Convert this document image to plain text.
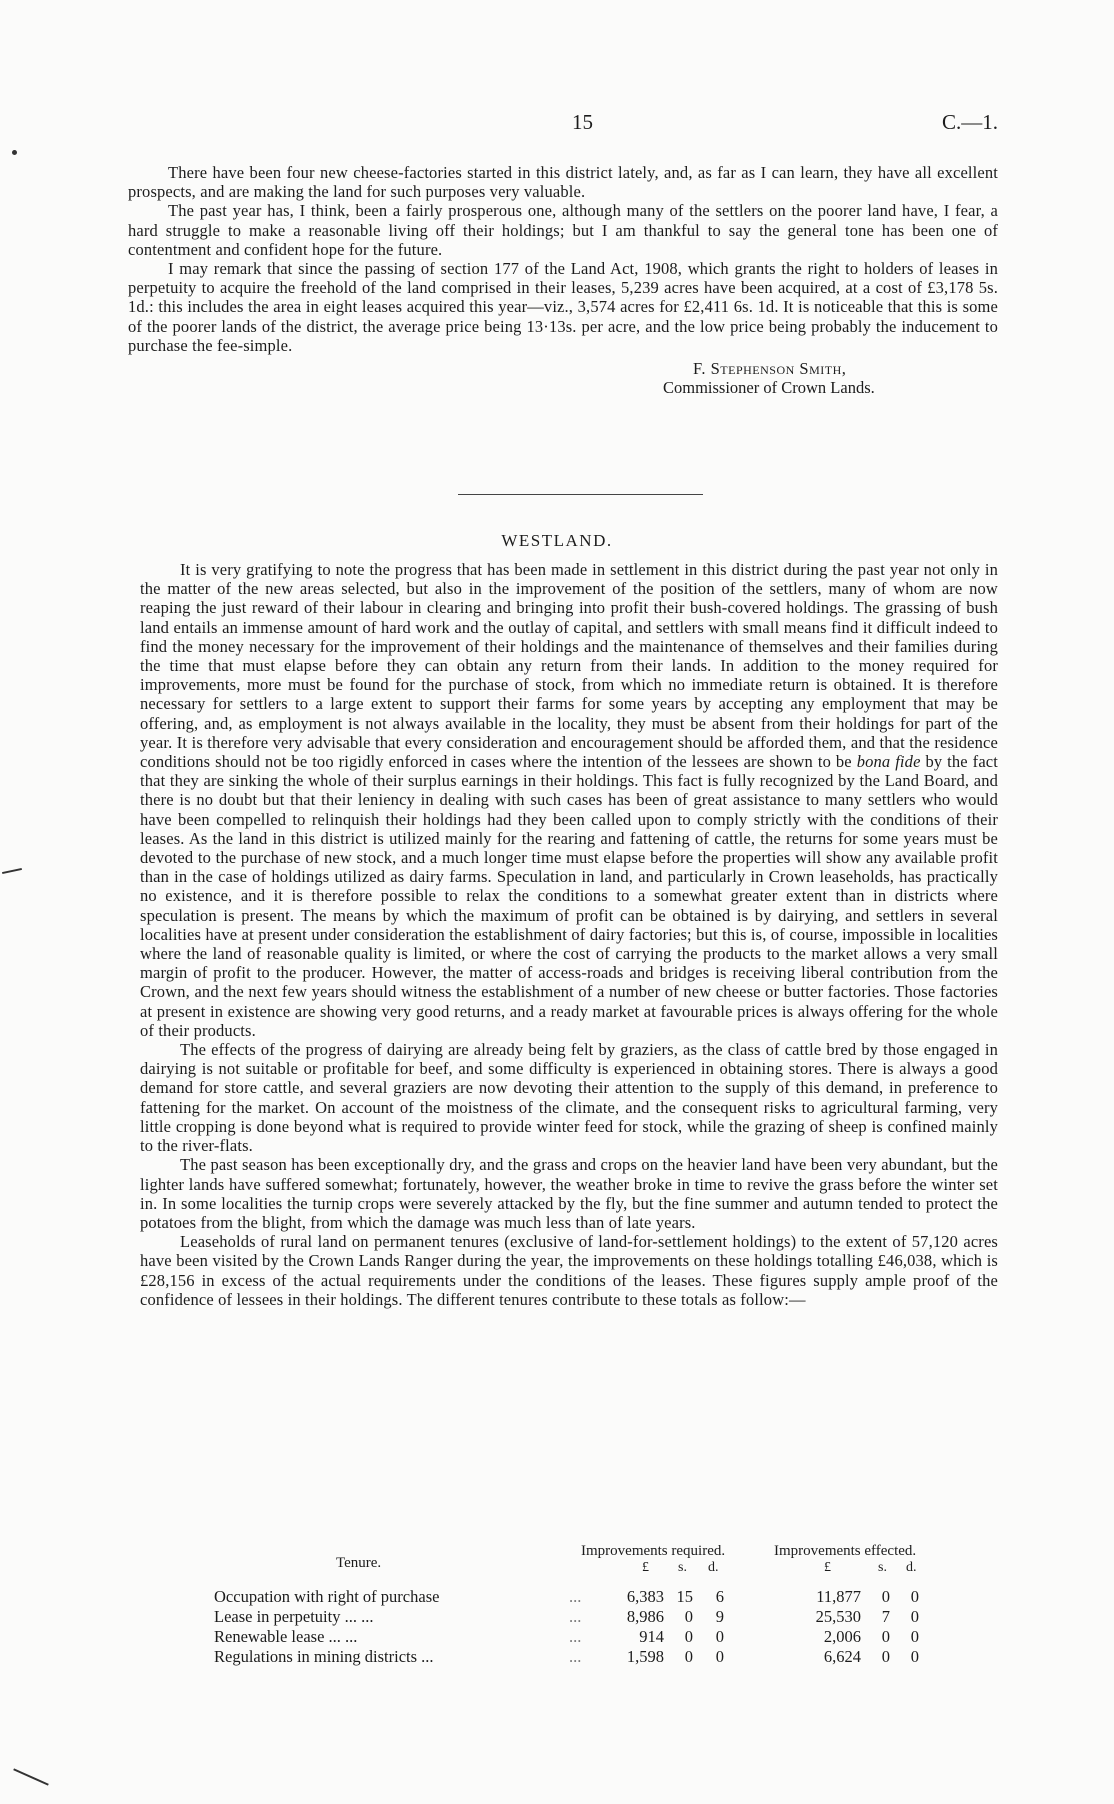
15	C.—1.

There have been four new cheese-factories started in this district lately, and, as far as I can learn, they have all excellent prospects, and are making the land for such purposes very valuable.

The past year has, I think, been a fairly prosperous one, although many of the settlers on the poorer land have, I fear, a hard struggle to make a reasonable living off their holdings; but I am thankful to say the general tone has been one of contentment and confident hope for the future.

I may remark that since the passing of section 177 of the Land Act, 1908, which grants the right to holders of leases in perpetuity to acquire the freehold of the land comprised in their leases, 5,239 acres have been acquired, at a cost of £3,178 5s. 1d.: this includes the area in eight leases acquired this year—viz., 3,574 acres for £2,411 6s. 1d. It is noticeable that this is some of the poorer lands of the district, the average price being 13·13s. per acre, and the low price being probably the inducement to purchase the fee-simple.

F. Stephenson Smith,
Commissioner of Crown Lands.
WESTLAND.

It is very gratifying to note the progress that has been made in settlement in this district during the past year not only in the matter of the new areas selected, but also in the improvement of the position of the settlers, many of whom are now reaping the just reward of their labour in clearing and bringing into profit their bush-covered holdings. The grassing of bush land entails an immense amount of hard work and the outlay of capital, and settlers with small means find it difficult indeed to find the money necessary for the improvement of their holdings and the maintenance of themselves and their families during the time that must elapse before they can obtain any return from their lands. In addition to the money required for improvements, more must be found for the purchase of stock, from which no immediate return is obtained. It is therefore necessary for settlers to a large extent to support their farms for some years by accepting any employment that may be offering, and, as employment is not always available in the locality, they must be absent from their holdings for part of the year. It is therefore very advisable that every consideration and encouragement should be afforded them, and that the residence conditions should not be too rigidly enforced in cases where the intention of the lessees are shown to be bona fide by the fact that they are sinking the whole of their surplus earnings in their holdings. This fact is fully recognized by the Land Board, and there is no doubt but that their leniency in dealing with such cases has been of great assistance to many settlers who would have been compelled to relinquish their holdings had they been called upon to comply strictly with the conditions of their leases. As the land in this district is utilized mainly for the rearing and fattening of cattle, the returns for some years must be devoted to the purchase of new stock, and a much longer time must elapse before the properties will show any available profit than in the case of holdings utilized as dairy farms. Speculation in land, and particularly in Crown leaseholds, has practically no existence, and it is therefore possible to relax the conditions to a somewhat greater extent than in districts where speculation is present. The means by which the maximum of profit can be obtained is by dairying, and settlers in several localities have at present under consideration the establishment of dairy factories; but this is, of course, impossible in localities where the land of reasonable quality is limited, or where the cost of carrying the products to the market allows a very small margin of profit to the producer. However, the matter of access-roads and bridges is receiving liberal contribution from the Crown, and the next few years should witness the establishment of a number of new cheese or butter factories. Those factories at present in existence are showing very good returns, and a ready market at favourable prices is always offering for the whole of their products.

The effects of the progress of dairying are already being felt by graziers, as the class of cattle bred by those engaged in dairying is not suitable or profitable for beef, and some difficulty is experienced in obtaining stores. There is always a good demand for store cattle, and several graziers are now devoting their attention to the supply of this demand, in preference to fattening for the market. On account of the moistness of the climate, and the consequent risks to agricultural farming, very little cropping is done beyond what is required to provide winter feed for stock, while the grazing of sheep is confined mainly to the river-flats.

The past season has been exceptionally dry, and the grass and crops on the heavier land have been very abundant, but the lighter lands have suffered somewhat; fortunately, however, the weather broke in time to revive the grass before the winter set in. In some localities the turnip crops were severely attacked by the fly, but the fine summer and autumn tended to protect the potatoes from the blight, from which the damage was much less than of late years.

Leaseholds of rural land on permanent tenures (exclusive of land-for-settlement holdings) to the extent of 57,120 acres have been visited by the Crown Lands Ranger during the year, the improvements on these holdings totalling £46,038, which is £28,156 in excess of the actual requirements under the conditions of the leases. These figures supply ample proof of the confidence of lessees in their holdings. The different tenures contribute to these totals as follow:—

Tenure.
Improvements required.	Improvements effected.
£ s. d.	£	s. d.
Occupation with right of purchase	...	6,383 15	6	11,877	0	0
Lease in perpetuity ... ...	...	8,986	0	9	25,530	7	0
Renewable lease ... ...	...	914	0	0	2,006	0	0
Regulations in mining districts ...	...	1,598	0	0	6,624	0	0
